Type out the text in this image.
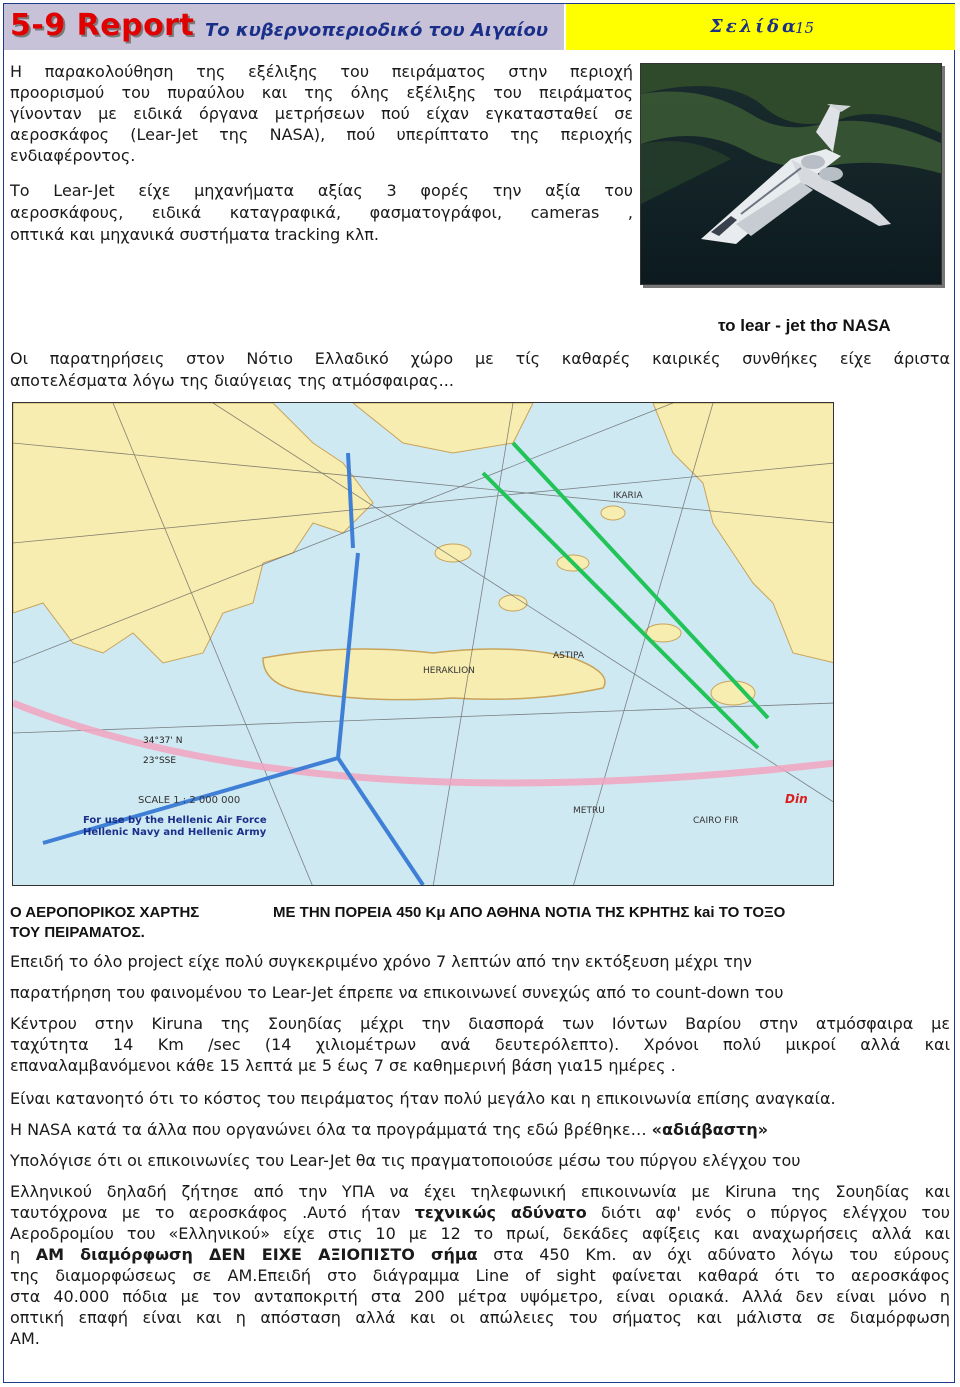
5-9 Report Το κυβερνοπεριοδικό του Αιγαίου	Σελίδα
15
Η παρακολούθηση της εξέλιξης του πειράματος στην περιοχή
προορισμού του πυραύλου και της όλης εξέλιξης του πειράματος
γίνονταν με ειδικά όργανα μετρήσεων πού είχαν εγκατασταθεί σε
αεροσκάφος (Lear-Jet της NASA), πού υπερίπτατο της περιοχής
ενδιαφέροντος.
Το Lear-Jet είχε μηχανήματα αξίας 3 φορές την αξία του
αεροσκάφους, ειδικά καταγραφικά, φασματογράφοι, cameras ,
οπτικά και μηχανικά συστήματα tracking κλπ.
το lear - jet thσ NASA
Οι παρατηρήσεις στον Νότιο Ελλαδικό χώρο με τίς καθαρές καιρικές συνθήκες είχε άριστα
αποτελέσματα λόγω της διαύγειας της ατμόσφαιρας...
IKARIA
ASTIPA
HERAKLION
34°37' N
23°SSE
SCALE 1 : 2 000 000
For use by the Hellenic Air Force
Hellenic Navy and Hellenic Army
Din
METRU
CAIRO FIR
Ο ΑΕΡΟΠΟΡΙΚΟΣ ΧΑΡΤΗΣ	ΜΕ ΤΗΝ ΠΟΡΕΙΑ 450 Κμ ΑΠΟ ΑΘΗΝΑ ΝΟΤΙΑ ΤΗΣ ΚΡΗΤΗΣ kai ΤΟ ΤΟΞΟ
ΤΟΥ ΠΕΙΡΑΜΑΤΟΣ.
Επειδή το όλο project είχε πολύ συγκεκριμένο χρόνο 7 λεπτών από την εκτόξευση μέχρι την
παρατήρηση του φαινομένου το Lear-Jet έπρεπε να επικοινωνεί συνεχώς από το count-down του
Κέντρου στην Kiruna της Σουηδίας μέχρι την διασπορά των Ιόντων Βαρίου στην ατμόσφαιρα με
ταχύτητα 14 Km /sec (14 χιλιομέτρων ανά δευτερόλεπτο). Χρόνοι πολύ μικροί αλλά και
επαναλαμβανόμενοι κάθε 15 λεπτά με 5 έως 7 σε καθημερινή βάση για15 ημέρες .
Είναι κατανοητό ότι το κόστος του πειράματος ήταν πολύ μεγάλο και η επικοινωνία επίσης αναγκαία.
Η NASA κατά τα άλλα που οργανώνει όλα τα προγράμματά της εδώ βρέθηκε… «αδιάβαστη»
Υπολόγισε ότι οι επικοινωνίες του Lear-Jet θα τις πραγματοποιούσε μέσω του πύργου ελέγχου του
Ελληνικού δηλαδή ζήτησε από την ΥΠΑ να έχει τηλεφωνική επικοινωνία με Kiruna της Σουηδίας και
ταυτόχρονα με το αεροσκάφος .Αυτό ήταν τεχνικώς αδύνατο διότι αφ' ενός ο πύργος ελέγχου του
Αεροδρομίου του «Ελληνικού» είχε στις 10 με 12 το πρωί, δεκάδες αφίξεις και αναχωρήσεις αλλά και
η ΑΜ διαμόρφωση ΔΕΝ ΕΙΧΕ ΑΞΙΟΠΙΣΤΟ σήμα στα 450 Km. αν όχι αδύνατο λόγω του εύρους
της διαμορφώσεως σε ΑΜ.Επειδή στο διάγραμμα Line of sight φαίνεται καθαρά ότι το αεροσκάφος
στα 40.000 πόδια με τον ανταποκριτή στα 200 μέτρα υψόμετρο, είναι οριακά. Αλλά δεν είναι μόνο η
οπτική επαφή είναι και η απόσταση αλλά και οι απώλειες του σήματος και μάλιστα σε διαμόρφωση
ΑΜ.
